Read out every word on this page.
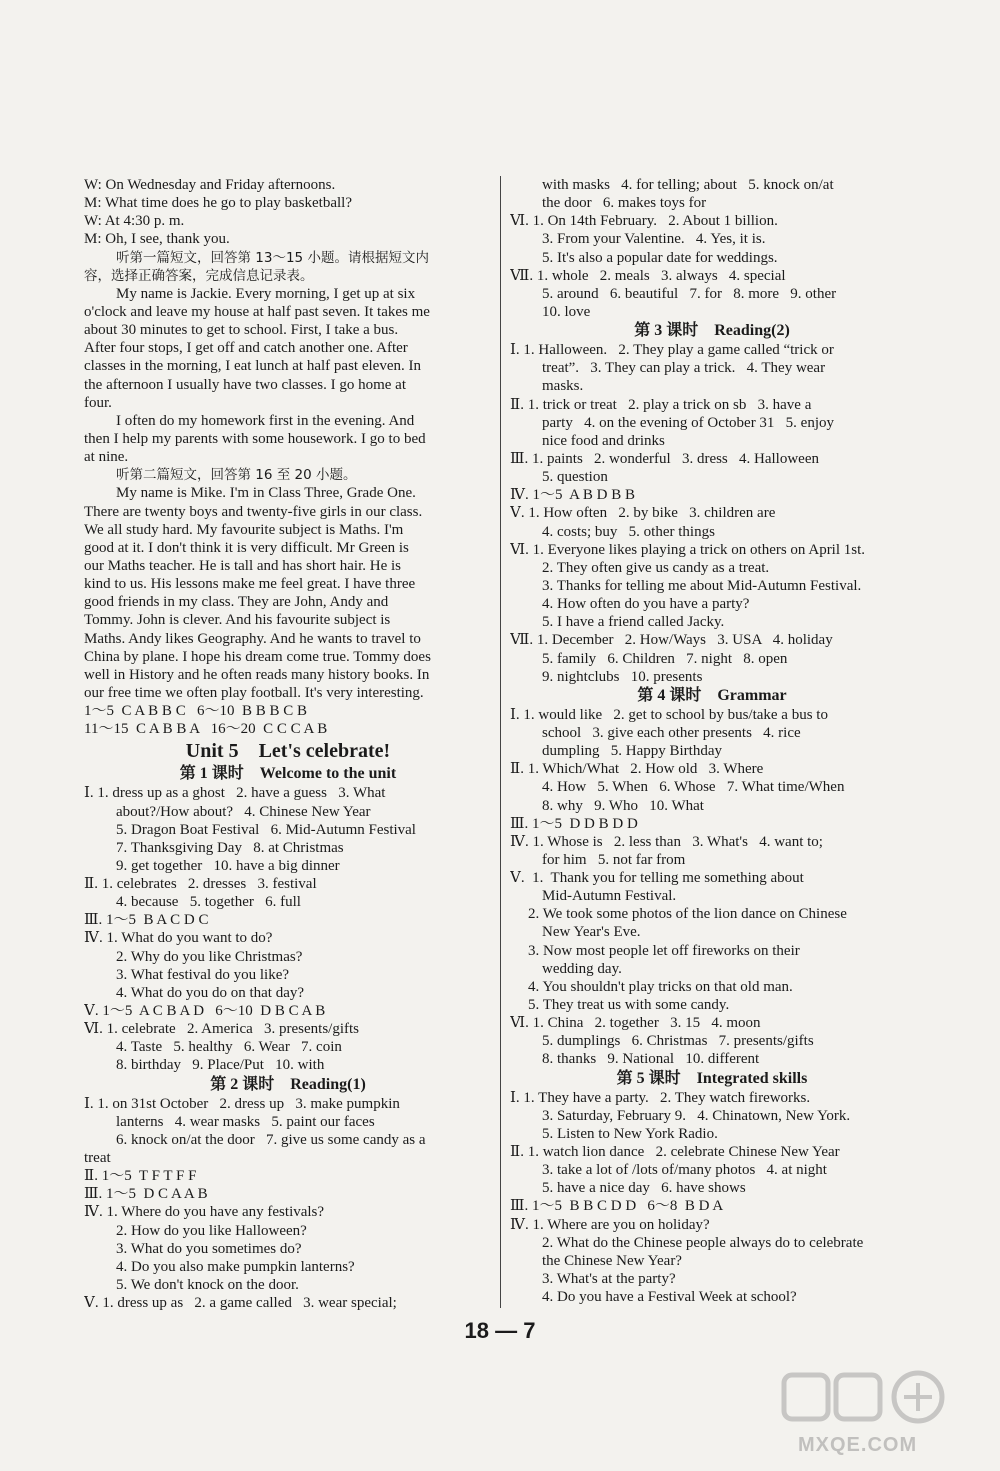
W: On Wednesday and Friday afternoons.
M: What time does he go to play basketball?
W: At 4:30 p. m.
M: Oh, I see, thank you.
听第一篇短文，回答第 13～15 小题。请根据短文内
容，选择正确答案，完成信息记录表。
My name is Jackie. Every morning, I get up at six
o'clock and leave my house at half past seven. It takes me
about 30 minutes to get to school. First, I take a bus.
After four stops, I get off and catch another one. After
classes in the morning, I eat lunch at half past eleven. In
the afternoon I usually have two classes. I go home at
four.
I often do my homework first in the evening. And
then I help my parents with some housework. I go to bed
at nine.
听第二篇短文，回答第 16 至 20 小题。
My name is Mike. I'm in Class Three, Grade One.
There are twenty boys and twenty-five girls in our class.
We all study hard. My favourite subject is Maths. I'm
good at it. I don't think it is very difficult. Mr Green is
our Maths teacher. He is tall and has short hair. He is
kind to us. His lessons make me feel great. I have three
good friends in my class. They are John, Andy and
Tommy. John is clever. And his favourite subject is
Maths. Andy likes Geography. And he wants to travel to
China by plane. I hope his dream come true. Tommy does
well in History and he often reads many history books. In
our free time we often play football. It's very interesting.
1～5  C A B B C   6～10  B B B C B
11～15  C A B B A   16～20  C C C A B
Unit 5    Let's celebrate!
第 1 课时    Welcome to the unit
Ⅰ. 1. dress up as a ghost   2. have a guess   3. What
about?/How about?   4. Chinese New Year
5. Dragon Boat Festival   6. Mid-Autumn Festival
7. Thanksgiving Day   8. at Christmas
9. get together   10. have a big dinner
Ⅱ. 1. celebrates   2. dresses   3. festival
4. because   5. together   6. full
Ⅲ. 1～5  B A C D C
Ⅳ. 1. What do you want to do?
2. Why do you like Christmas?
3. What festival do you like?
4. What do you do on that day?
Ⅴ. 1～5  A C B A D   6～10  D B C A B
Ⅵ. 1. celebrate   2. America   3. presents/gifts
4. Taste   5. healthy   6. Wear   7. coin
8. birthday   9. Place/Put   10. with
第 2 课时    Reading(1)
Ⅰ. 1. on 31st October   2. dress up   3. make pumpkin
lanterns   4. wear masks   5. paint our faces
6. knock on/at the door   7. give us some candy as a
treat
Ⅱ. 1～5  T F T F F
Ⅲ. 1～5  D C A A B
Ⅳ. 1. Where do you have any festivals?
2. How do you like Halloween?
3. What do you sometimes do?
4. Do you also make pumpkin lanterns?
5. We don't knock on the door.
Ⅴ. 1. dress up as   2. a game called   3. wear special;
with masks   4. for telling; about   5. knock on/at
the door   6. makes toys for
Ⅵ. 1. On 14th February.   2. About 1 billion.
3. From your Valentine.   4. Yes, it is.
5. It's also a popular date for weddings.
Ⅶ. 1. whole   2. meals   3. always   4. special
5. around   6. beautiful   7. for   8. more   9. other
10. love
第 3 课时    Reading(2)
Ⅰ. 1. Halloween.   2. They play a game called “trick or
treat”.   3. They can play a trick.   4. They wear
masks.
Ⅱ. 1. trick or treat   2. play a trick on sb   3. have a
party   4. on the evening of October 31   5. enjoy
nice food and drinks
Ⅲ. 1. paints   2. wonderful   3. dress   4. Halloween
5. question
Ⅳ. 1～5  A B D B B
Ⅴ. 1. How often   2. by bike   3. children are
4. costs; buy   5. other things
Ⅵ. 1. Everyone likes playing a trick on others on April 1st.
2. They often give us candy as a treat.
3. Thanks for telling me about Mid-Autumn Festival.
4. How often do you have a party?
5. I have a friend called Jacky.
Ⅶ. 1. December   2. How/Ways   3. USA   4. holiday
5. family   6. Children   7. night   8. open
9. nightclubs   10. presents
第 4 课时    Grammar
Ⅰ. 1. would like   2. get to school by bus/take a bus to
school   3. give each other presents   4. rice
dumpling   5. Happy Birthday
Ⅱ. 1. Which/What   2. How old   3. Where
4. How   5. When   6. Whose   7. What time/When
8. why   9. Who   10. What
Ⅲ. 1～5  D D B D D
Ⅳ. 1. Whose is   2. less than   3. What's   4. want to;
for him   5. not far from
Ⅴ.  1.  Thank you for telling me something about
Mid-Autumn Festival.
2. We took some photos of the lion dance on Chinese
New Year's Eve.
3. Now most people let off fireworks on their
wedding day.
4. You shouldn't play tricks on that old man.
5. They treat us with some candy.
Ⅵ. 1. China   2. together   3. 15   4. moon
5. dumplings   6. Christmas   7. presents/gifts
8. thanks   9. National   10. different
第 5 课时    Integrated skills
Ⅰ. 1. They have a party.   2. They watch fireworks.
3. Saturday, February 9.   4. Chinatown, New York.
5. Listen to New York Radio.
Ⅱ. 1. watch lion dance   2. celebrate Chinese New Year
3. take a lot of /lots of/many photos   4. at night
5. have a nice day   6. have shows
Ⅲ. 1～5  B B C D D   6～8  B D A
Ⅳ. 1. Where are you on holiday?
2. What do the Chinese people always do to celebrate
the Chinese New Year?
3. What's at the party?
4. Do you have a Festival Week at school?
18 — 7
MXQE.COM
